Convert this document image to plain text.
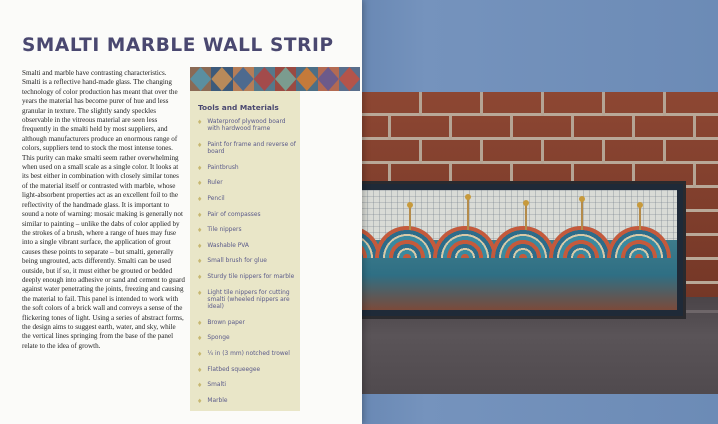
SMALTI MARBLE WALL STRIP

Smalti and marble have contrasting characteristics. Smalti is a reflective hand-made glass. The changing technology of color production has meant that over the years the material has become purer of hue and less granular in texture. The slightly sandy speckles observable in the vitreous material are seen less frequently in the smalti held by most suppliers, and although manufacturers produce an enormous range of colors, suppliers tend to stock the most intense tones. This purity can make smalti seem rather overwhelming when used on a small scale as a single color. It looks at its best either in combination with closely similar tones of the material itself or contrasted with marble, whose light-absorbent properties act as an excellent foil to the reflectivity of the handmade glass. It is important to sound a note of warning: mosaic making is generally not similar to painting – unlike the dabs of color applied by the strokes of a brush, where a range of hues may fuse into a single vibrant surface, the application of grout causes these points to separate – but smalti, generally being ungrouted, acts differently. Smalti can be used outside, but if so, it must either be grouted or bedded deeply enough into adhesive or sand and cement to guard against water penetrating the joints, freezing and causing the material to fail. This panel is intended to work with the soft colors of a brick wall and conveys a sense of the flickering tones of light. Using a series of abstract forms, the design aims to suggest earth, water, and sky, while the vertical lines springing from the base of the panel relate to the idea of growth.

Tools and Materials
♦ Waterproof plywood board with hardwood frame
♦ Paint for frame and reverse of board
♦ Paintbrush
♦ Ruler
♦ Pencil
♦ Pair of compasses
♦ Tile nippers
♦ Washable PVA
♦ Small brush for glue
♦ Sturdy tile nippers for marble
♦ Light tile nippers for cutting smalti (wheeled nippers are ideal)
♦ Brown paper
♦ Sponge
♦ ¼ in (3 mm) notched trowel
♦ Flatbed squeegee
♦ Smalti
♦ Marble
